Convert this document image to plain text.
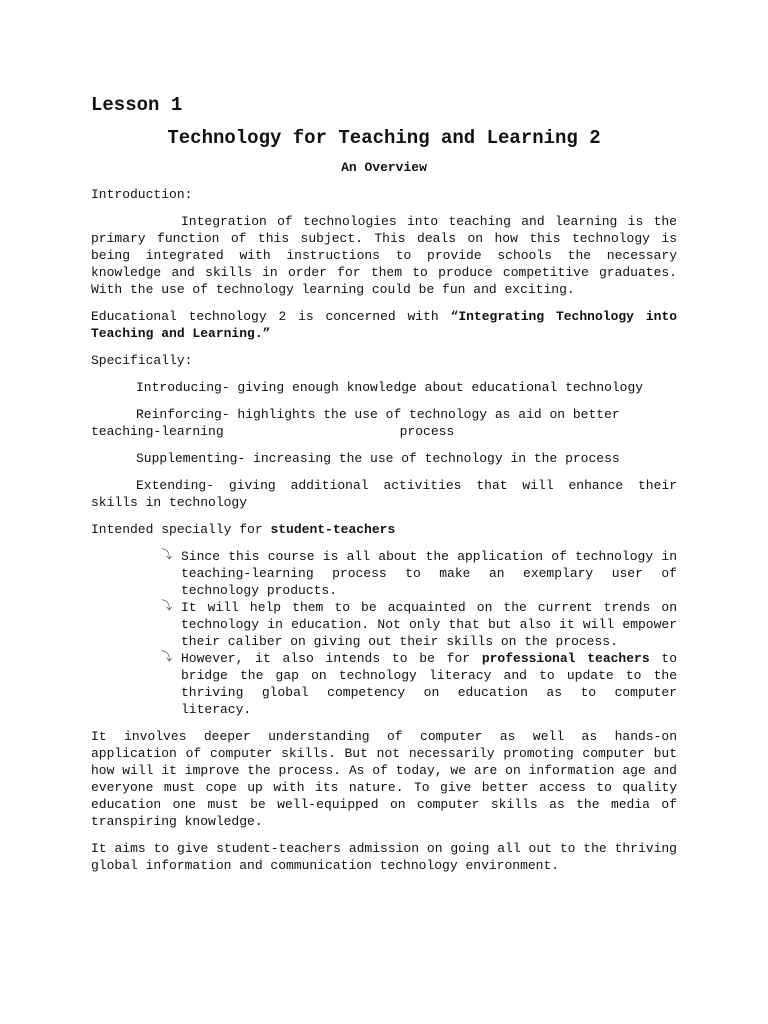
Lesson 1
Technology for Teaching and Learning 2
An Overview

Introduction:

Integration of technologies into teaching and learning is the primary function of this subject. This deals on how this technology is being integrated with instructions to provide schools the necessary knowledge and skills in order for them to produce competitive graduates. With the use of technology learning could be fun and exciting.

Educational technology 2 is concerned with “Integrating Technology into Teaching and Learning.”

Specifically:

Introducing- giving enough knowledge about educational technology

Reinforcing- highlights the use of technology as aid on better
teaching-learning	process

Supplementing- increasing the use of technology in the process

Extending- giving additional activities that will enhance their skills in technology

Intended specially for student-teachers

⤵ Since this course is all about the application of technology in teaching-learning process to make an exemplary user of technology products.
⤵ It will help them to be acquainted on the current trends on technology in education. Not only that but also it will empower their caliber on giving out their skills on the process.
⤵ However, it also intends to be for professional teachers to bridge the gap on technology literacy and to update to the thriving global competency on education as to computer literacy.

It involves deeper understanding of computer as well as hands-on application of computer skills. But not necessarily promoting computer but how will it improve the process. As of today, we are on information age and everyone must cope up with its nature. To give better access to quality education one must be well-equipped on computer skills as the media of transpiring knowledge.

It aims to give student-teachers admission on going all out to the thriving global information and communication technology environment.
